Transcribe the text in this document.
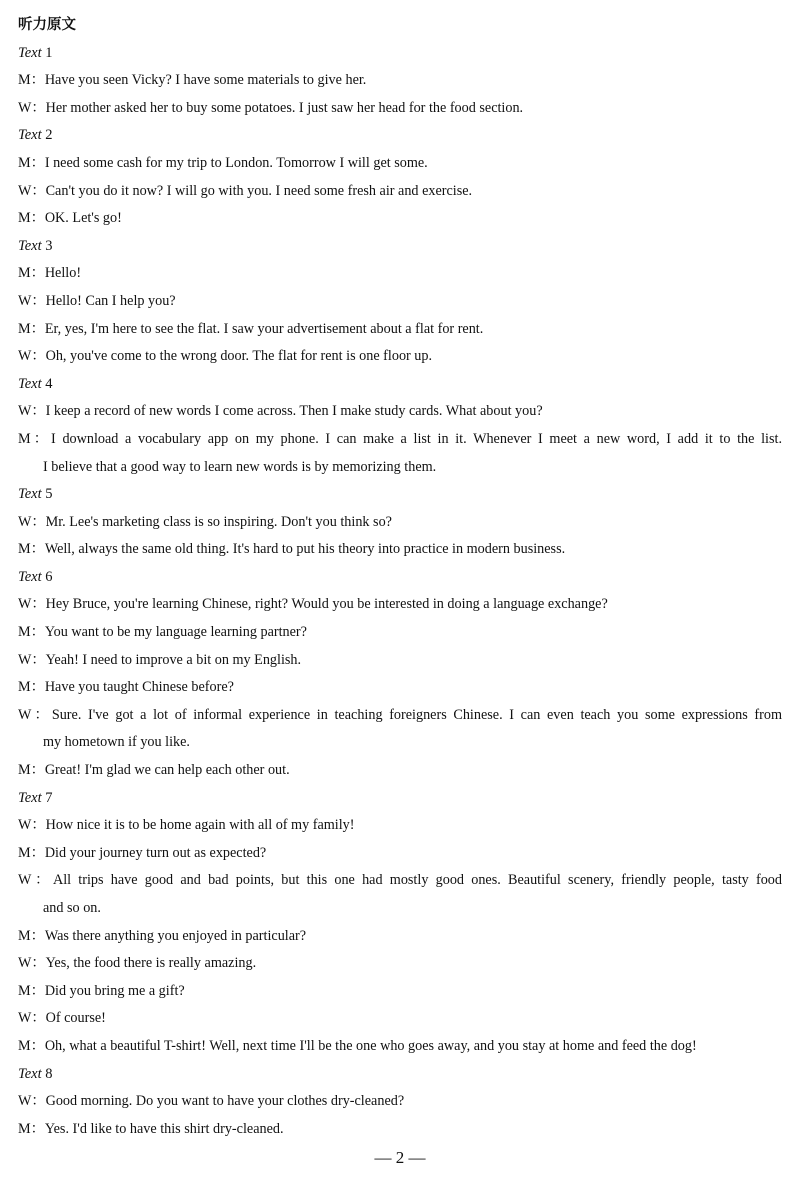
听力原文
Text 1
M：Have you seen Vicky? I have some materials to give her.
W：Her mother asked her to buy some potatoes. I just saw her head for the food section.
Text 2
M：I need some cash for my trip to London. Tomorrow I will get some.
W：Can't you do it now? I will go with you. I need some fresh air and exercise.
M：OK. Let's go!
Text 3
M：Hello!
W：Hello! Can I help you?
M：Er, yes, I'm here to see the flat. I saw your advertisement about a flat for rent.
W：Oh, you've come to the wrong door. The flat for rent is one floor up.
Text 4
W：I keep a record of new words I come across. Then I make study cards. What about you?
M：I download a vocabulary app on my phone. I can make a list in it. Whenever I meet a new word, I add it to the list.
I believe that a good way to learn new words is by memorizing them.
Text 5
W：Mr. Lee's marketing class is so inspiring. Don't you think so?
M：Well, always the same old thing. It's hard to put his theory into practice in modern business.
Text 6
W：Hey Bruce, you're learning Chinese, right? Would you be interested in doing a language exchange?
M：You want to be my language learning partner?
W：Yeah! I need to improve a bit on my English.
M：Have you taught Chinese before?
W：Sure. I've got a lot of informal experience in teaching foreigners Chinese. I can even teach you some expressions from
my hometown if you like.
M：Great! I'm glad we can help each other out.
Text 7
W：How nice it is to be home again with all of my family!
M：Did your journey turn out as expected?
W：All trips have good and bad points, but this one had mostly good ones. Beautiful scenery, friendly people, tasty food
and so on.
M：Was there anything you enjoyed in particular?
W：Yes, the food there is really amazing.
M：Did you bring me a gift?
W：Of course!
M：Oh, what a beautiful T-shirt! Well, next time I'll be the one who goes away, and you stay at home and feed the dog!
Text 8
W：Good morning. Do you want to have your clothes dry-cleaned?
M：Yes. I'd like to have this shirt dry-cleaned.
— 2 —
